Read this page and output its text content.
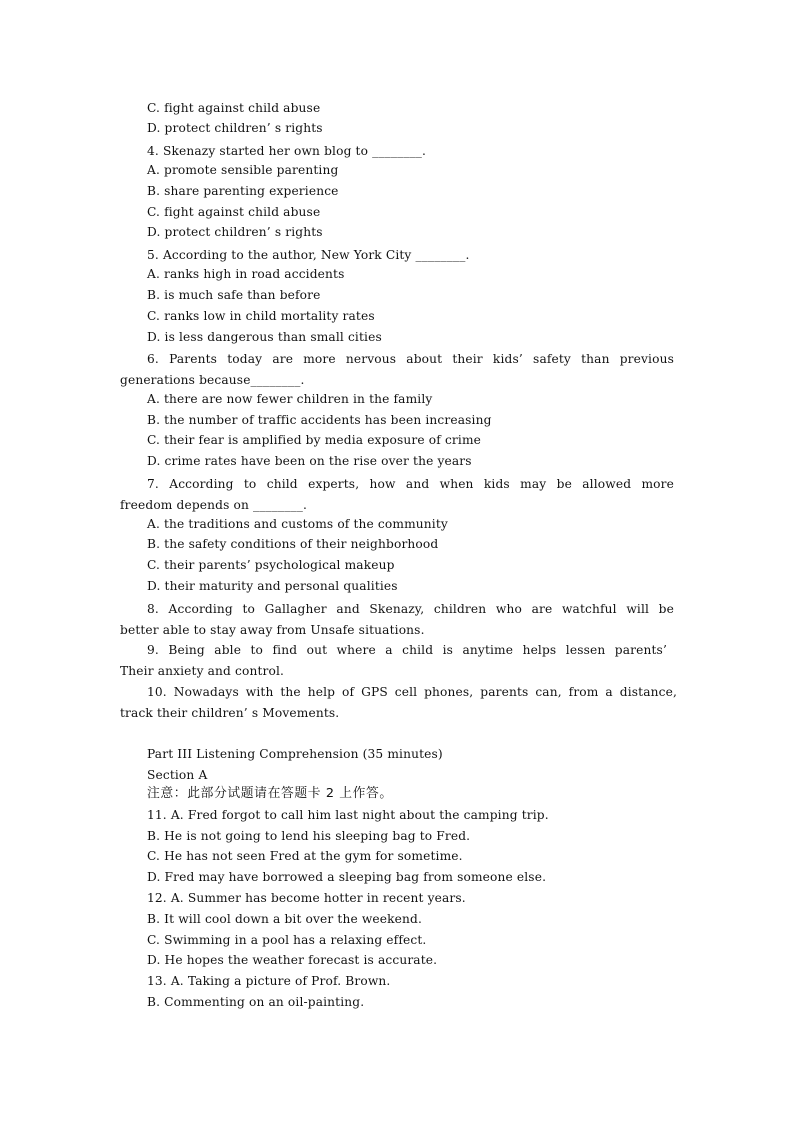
C. fight against child abuse
D. protect children’ s rights
4. Skenazy started her own blog to ________.
A. promote sensible parenting
B. share parenting experience
C. fight against child abuse
D. protect children’ s rights
5. According to the author, New York City ________.
A. ranks high in road accidents
B. is much safe than before
C. ranks low in child mortality rates
D. is less dangerous than small cities
6. Parents today are more nervous about their kids’ safety than previous
generations because________.
A. there are now fewer children in the family
B. the number of traffic accidents has been increasing
C. their fear is amplified by media exposure of crime
D. crime rates have been on the rise over the years
7. According to child experts, how and when kids may be allowed more
freedom depends on ________.
A. the traditions and customs of the community
B. the safety conditions of their neighborhood
C. their parents’ psychological makeup
D. their maturity and personal qualities
8. According to Gallagher and Skenazy, children who are watchful will be
better able to stay away from Unsafe situations.
9. Being able to find out where a child is anytime helps lessen parents’
Their anxiety and control.
10. Nowadays with the help of GPS cell phones, parents can, from a distance,
track their children’ s Movements.
Part III Listening Comprehension (35 minutes)
Section A
注意：此部分试题请在答题卡 2 上作答。
11. A. Fred forgot to call him last night about the camping trip.
B. He is not going to lend his sleeping bag to Fred.
C. He has not seen Fred at the gym for sometime.
D. Fred may have borrowed a sleeping bag from someone else.
12. A. Summer has become hotter in recent years.
B. It will cool down a bit over the weekend.
C. Swimming in a pool has a relaxing effect.
D. He hopes the weather forecast is accurate.
13. A. Taking a picture of Prof. Brown.
B. Commenting on an oil-painting.
